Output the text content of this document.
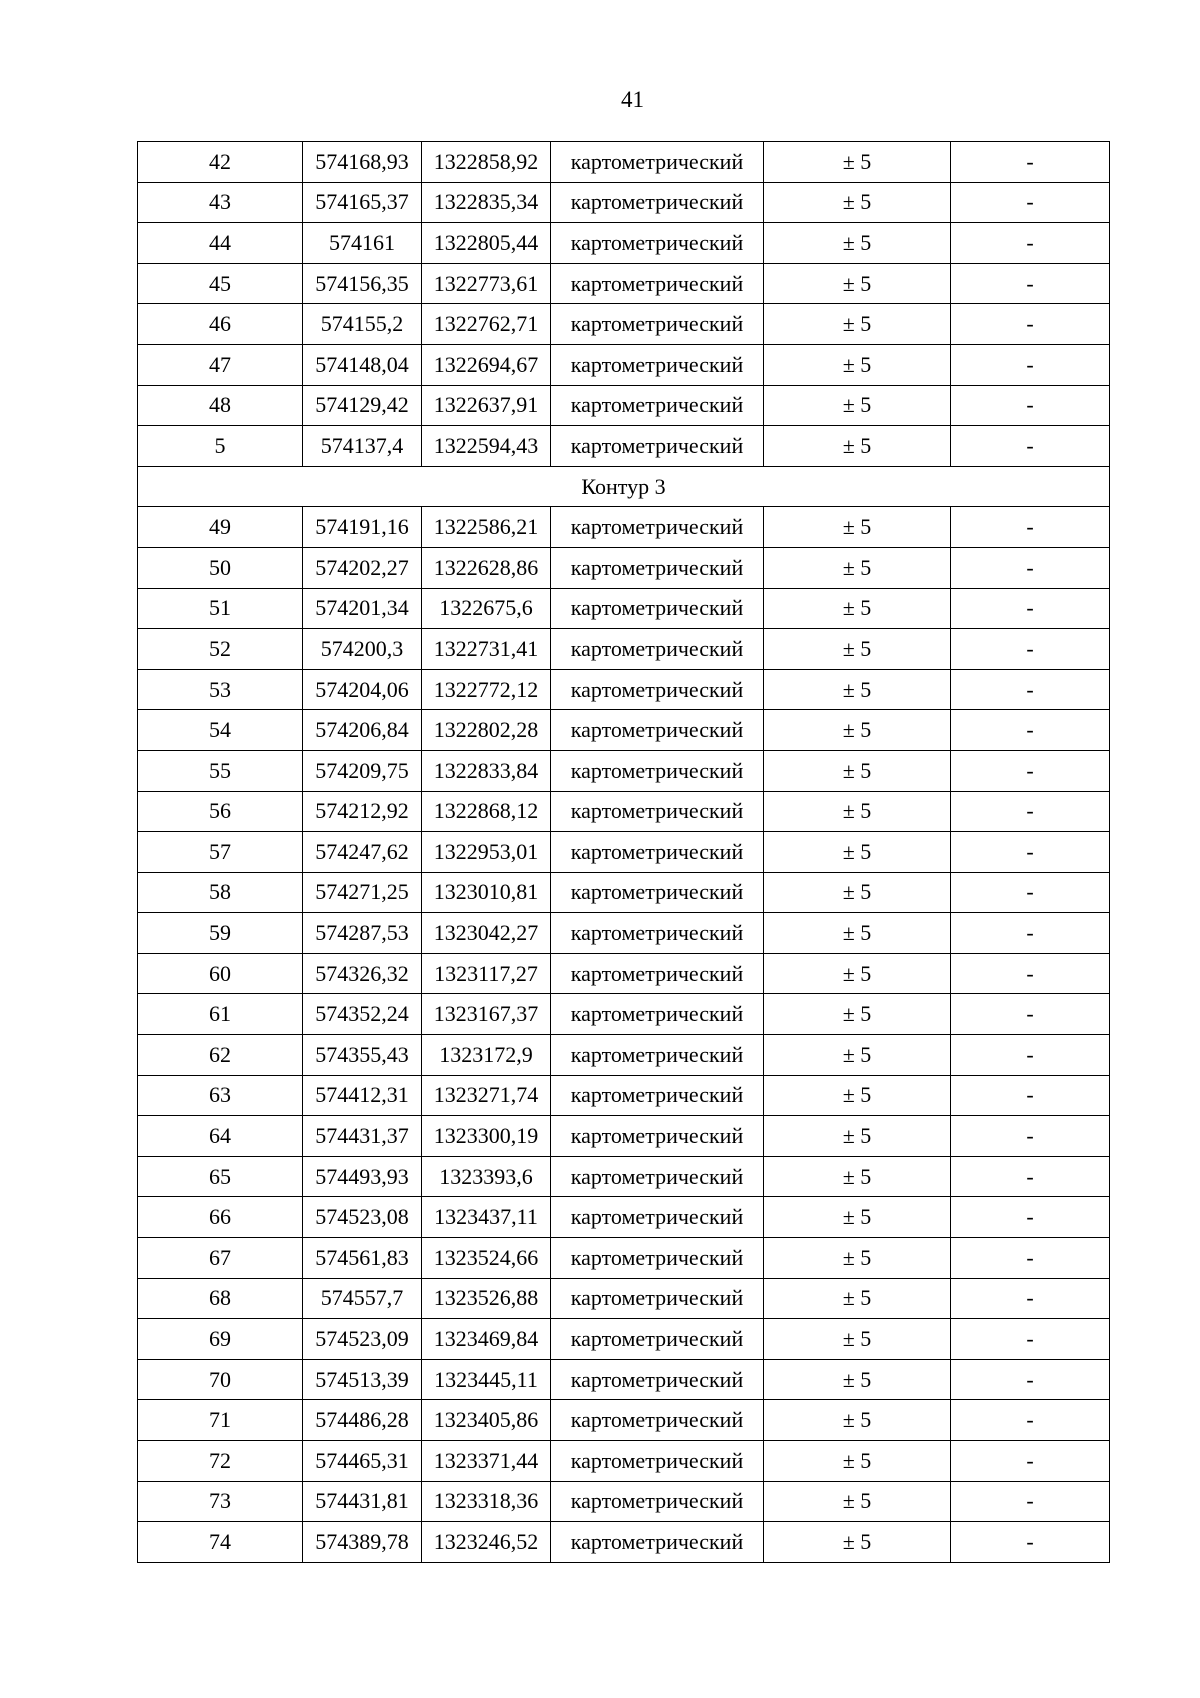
41
42	574168,93	1322858,92	картометрический	± 5	-
43	574165,37	1322835,34	картометрический	± 5	-
44	574161	1322805,44	картометрический	± 5	-
45	574156,35	1322773,61	картометрический	± 5	-
46	574155,2	1322762,71	картометрический	± 5	-
47	574148,04	1322694,67	картометрический	± 5	-
48	574129,42	1322637,91	картометрический	± 5	-
5	574137,4	1322594,43	картометрический	± 5	-
Контур 3					
49	574191,16	1322586,21	картометрический	± 5	-
50	574202,27	1322628,86	картометрический	± 5	-
51	574201,34	1322675,6	картометрический	± 5	-
52	574200,3	1322731,41	картометрический	± 5	-
53	574204,06	1322772,12	картометрический	± 5	-
54	574206,84	1322802,28	картометрический	± 5	-
55	574209,75	1322833,84	картометрический	± 5	-
56	574212,92	1322868,12	картометрический	± 5	-
57	574247,62	1322953,01	картометрический	± 5	-
58	574271,25	1323010,81	картометрический	± 5	-
59	574287,53	1323042,27	картометрический	± 5	-
60	574326,32	1323117,27	картометрический	± 5	-
61	574352,24	1323167,37	картометрический	± 5	-
62	574355,43	1323172,9	картометрический	± 5	-
63	574412,31	1323271,74	картометрический	± 5	-
64	574431,37	1323300,19	картометрический	± 5	-
65	574493,93	1323393,6	картометрический	± 5	-
66	574523,08	1323437,11	картометрический	± 5	-
67	574561,83	1323524,66	картометрический	± 5	-
68	574557,7	1323526,88	картометрический	± 5	-
69	574523,09	1323469,84	картометрический	± 5	-
70	574513,39	1323445,11	картометрический	± 5	-
71	574486,28	1323405,86	картометрический	± 5	-
72	574465,31	1323371,44	картометрический	± 5	-
73	574431,81	1323318,36	картометрический	± 5	-
74	574389,78	1323246,52	картометрический	± 5	-
